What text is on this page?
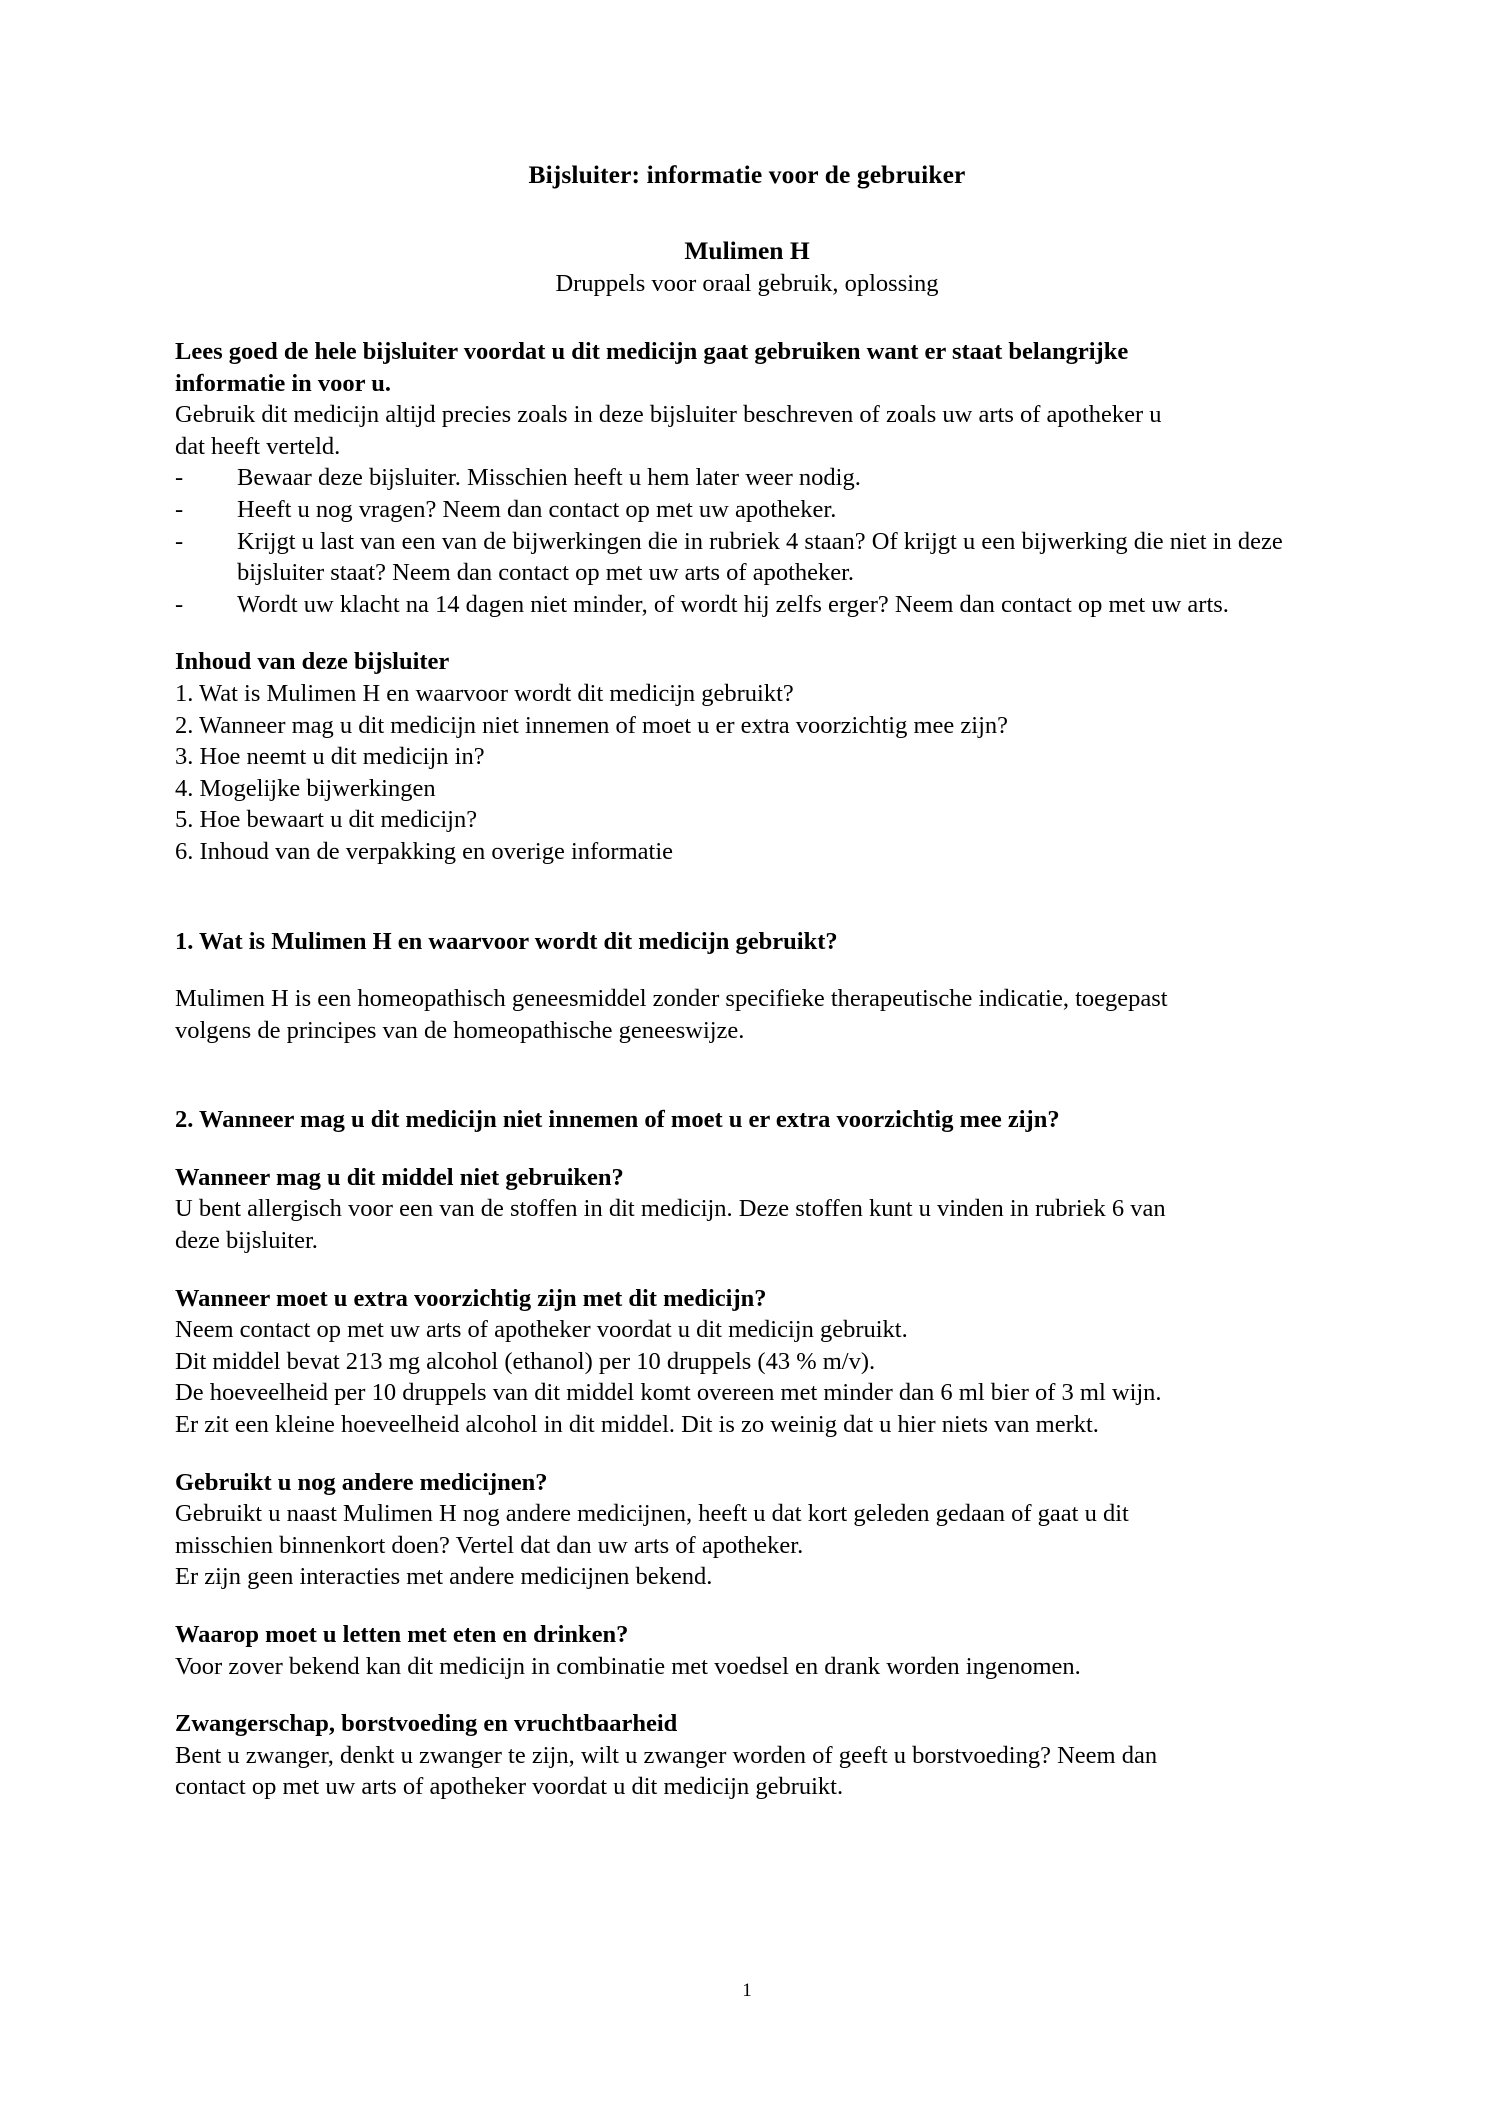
Bijsluiter: informatie voor de gebruiker
Mulimen H
Druppels voor oraal gebruik, oplossing

Lees goed de hele bijsluiter voordat u dit medicijn gaat gebruiken want er staat belangrijke

informatie in voor u.

Gebruik dit medicijn altijd precies zoals in deze bijsluiter beschreven of zoals uw arts of apotheker u

dat heeft verteld.

- Bewaar deze bijsluiter. Misschien heeft u hem later weer nodig.
- Heeft u nog vragen? Neem dan contact op met uw apotheker.
- Krijgt u last van een van de bijwerkingen die in rubriek 4 staan? Of krijgt u een bijwerking die niet in deze bijsluiter staat? Neem dan contact op met uw arts of apotheker.
- Wordt uw klacht na 14 dagen niet minder, of wordt hij zelfs erger? Neem dan contact op met uw arts.
Inhoud van deze bijsluiter
1. Wat is Mulimen H en waarvoor wordt dit medicijn gebruikt?
2. Wanneer mag u dit medicijn niet innemen of moet u er extra voorzichtig mee zijn?
3. Hoe neemt u dit medicijn in?
4. Mogelijke bijwerkingen
5. Hoe bewaart u dit medicijn?
6. Inhoud van de verpakking en overige informatie
1. Wat is Mulimen H en waarvoor wordt dit medicijn gebruikt?

Mulimen H is een homeopathisch geneesmiddel zonder specifieke therapeutische indicatie, toegepast

volgens de principes van de homeopathische geneeswijze.

2. Wanneer mag u dit medicijn niet innemen of moet u er extra voorzichtig mee zijn?
Wanneer mag u dit middel niet gebruiken?

U bent allergisch voor een van de stoffen in dit medicijn. Deze stoffen kunt u vinden in rubriek 6 van

deze bijsluiter.

Wanneer moet u extra voorzichtig zijn met dit medicijn?

Neem contact op met uw arts of apotheker voordat u dit medicijn gebruikt.

Dit middel bevat 213 mg alcohol (ethanol) per 10 druppels (43 % m/v).

De hoeveelheid per 10 druppels van dit middel komt overeen met minder dan 6 ml bier of 3 ml wijn.

Er zit een kleine hoeveelheid alcohol in dit middel. Dit is zo weinig dat u hier niets van merkt.

Gebruikt u nog andere medicijnen?

Gebruikt u naast Mulimen H nog andere medicijnen, heeft u dat kort geleden gedaan of gaat u dit

misschien binnenkort doen? Vertel dat dan uw arts of apotheker.

Er zijn geen interacties met andere medicijnen bekend.

Waarop moet u letten met eten en drinken?

Voor zover bekend kan dit medicijn in combinatie met voedsel en drank worden ingenomen.

Zwangerschap, borstvoeding en vruchtbaarheid

Bent u zwanger, denkt u zwanger te zijn, wilt u zwanger worden of geeft u borstvoeding? Neem dan

contact op met uw arts of apotheker voordat u dit medicijn gebruikt.

1
